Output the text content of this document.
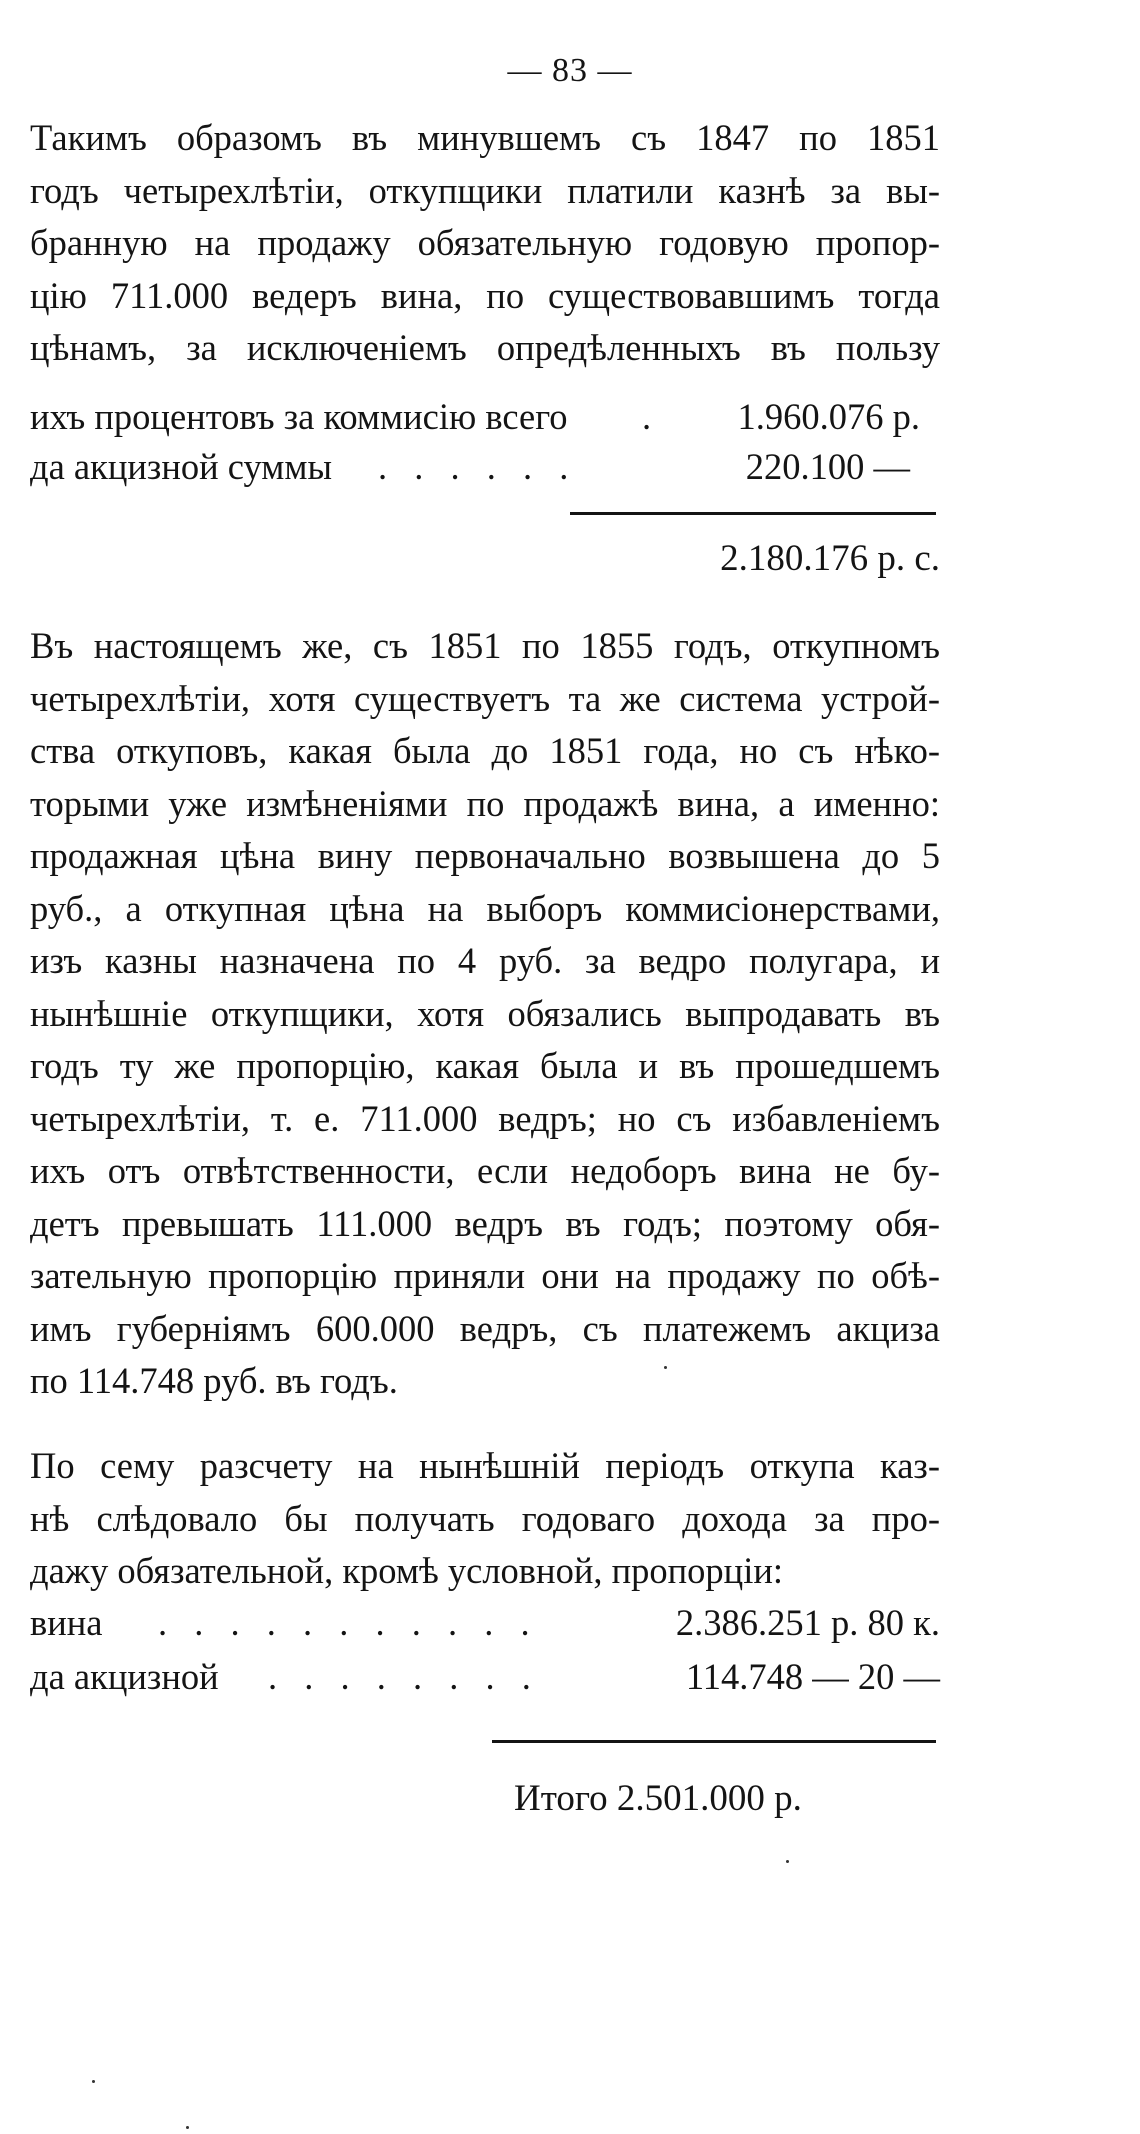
— 83 —
Такимъ образомъ въ минувшемъ съ 1847 по 1851
годъ четырехлѣтіи, откупщики платили казнѣ за вы-
бранную на продажу обязательную годовую пропор-
цію 711.000 ведеръ вина, по существовавшимъ тогда
цѣнамъ, за исключеніемъ опредѣленныхъ въ пользу
ихъ процентовъ за коммисію всего . 1.960.076 р.
да акцизной суммы . . . . . .	220.100 —
2.180.176 р. с.
Въ настоящемъ же, съ 1851 по 1855 годъ, откупномъ
четырехлѣтіи, хотя существуетъ та же система устрой-
ства откуповъ, какая была до 1851 года, но съ нѣко-
торыми уже измѣненіями по продажѣ вина, а именно:
продажная цѣна вину первоначально возвышена до 5
руб., а откупная цѣна на выборъ коммисіонерствами,
изъ казны назначена по 4 руб. за ведро полугара, и
нынѣшніе откупщики, хотя обязались выпродавать въ
годъ ту же пропорцію, какая была и въ прошедшемъ
четырехлѣтіи, т. е. 711.000 ведръ; но съ избавленіемъ
ихъ отъ отвѣтственности, если недоборъ вина не бу-
детъ превышать 111.000 ведръ въ годъ; поэтому обя-
зательную пропорцію приняли они на продажу по обѣ-
имъ губерніямъ 600.000 ведръ, съ платежемъ акциза
по 114.748 руб. въ годъ.
По сему разсчету на нынѣшній періодъ откупа каз-
нѣ слѣдовало бы получать годоваго дохода за про-
дажу обязательной, кромѣ условной, пропорціи:
вина . . . . . . . . . . .	2.386.251 р. 80 к.
да акцизной . . . . . . . .	114.748 — 20 —
Итого 2.501.000 р.
